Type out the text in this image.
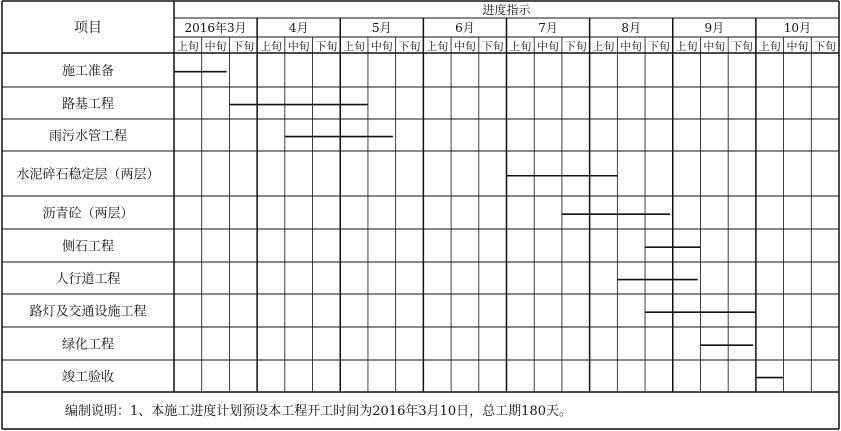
项目
进度指示
2016年3月	4月	5月	6月	7月	8月	9月	10月
上旬 中旬 下旬 上旬 中旬 下旬 上旬 中旬 下旬 上旬 中旬 下旬 上旬 中旬 下旬 上旬 中旬 下旬 上旬 中旬 下旬 上旬 中旬 下旬
施工准备
路基工程
雨污水管工程
水泥碎石稳定层（两层）
沥青砼（两层）
侧石工程
人行道工程
路灯及交通设施工程
绿化工程
竣工验收
编制说明：1、本施工进度计划预设本工程开工时间为2016年3月10日，总工期180天。
